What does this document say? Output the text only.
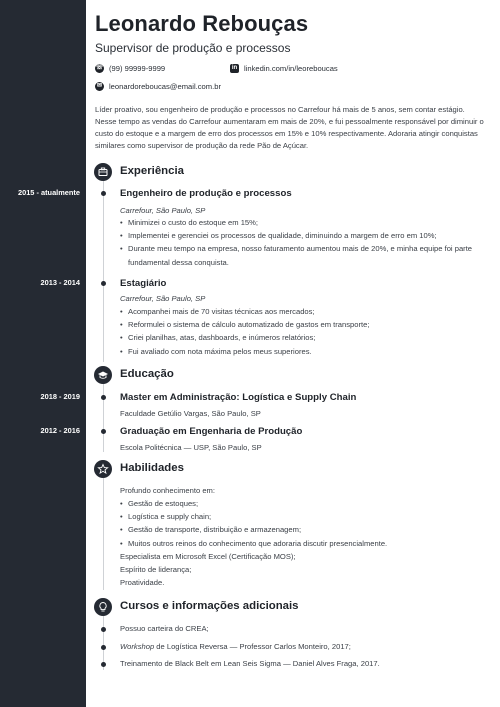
Leonardo Rebouças
Supervisor de produção e processos
☏ (99) 99999-9999	in linkedin.com/in/leoreboucas
✉ leonardoreboucas@email.com.br
Líder proativo, sou engenheiro de produção e processos no Carrefour há mais de 5 anos, sem contar estágio. Nesse tempo as vendas do Carrefour aumentaram em mais de 20%, e fui pessoalmente responsável por diminuir o custo do estoque e a margem de erro dos processos em 15% e 10% respectivamente. Adoraria atingir conquistas similares como supervisor de produção da rede Pão de Açúcar.
Experiência
2015 - atualmente	Engenheiro de produção e processos
Carrefour, São Paulo, SP
• Minimizei o custo do estoque em 15%;
• Implementei e gerenciei os processos de qualidade, diminuindo a margem de erro em 10%;
• Durante meu tempo na empresa, nosso faturamento aumentou mais de 20%, e minha equipe foi parte fundamental dessa conquista.
2013 - 2014	Estagiário
Carrefour, São Paulo, SP
• Acompanhei mais de 70 visitas técnicas aos mercados;
• Reformulei o sistema de cálculo automatizado de gastos em transporte;
• Criei planilhas, atas, dashboards, e inúmeros relatórios;
• Fui avaliado com nota máxima pelos meus superiores.
Educação
2018 - 2019	Master em Administração: Logística e Supply Chain
Faculdade Getúlio Vargas, São Paulo, SP
2012 - 2016	Graduação em Engenharia de Produção
Escola Politécnica — USP, São Paulo, SP
Habilidades
Profundo conhecimento em:
• Gestão de estoques;
• Logística e supply chain;
• Gestão de transporte, distribuição e armazenagem;
• Muitos outros reinos do conhecimento que adoraria discutir presencialmente.
Especialista em Microsoft Excel (Certificação MOS);
Espírito de liderança;
Proatividade.
Cursos e informações adicionais
Possuo carteira do CREA;
Workshop de Logística Reversa — Professor Carlos Monteiro, 2017;
Treinamento de Black Belt em Lean Seis Sigma — Daniel Alves Fraga, 2017.
